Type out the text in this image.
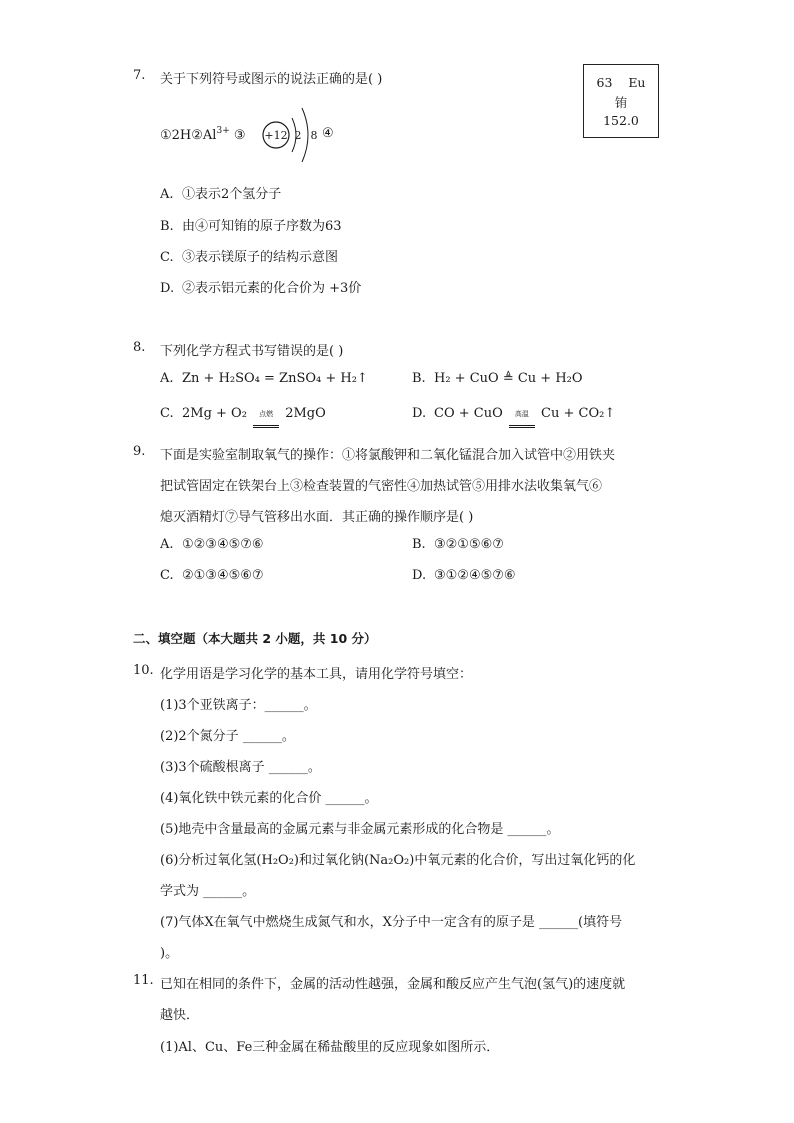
7. 关于下列符号或图示的说法正确的是( )	63 Eu
铕
152.0
$①2H②Al^{3+}$ ③ +12 2 8 ④
A. ①表示2个氢分子
B. 由④可知铕的原子序数为63
C. ③表示镁原子的结构示意图
D. ②表示铝元素的化合价为 +3价
8. 下列化学方程式书写错误的是( )
A. Zn + H₂SO₄ = ZnSO₄ + H₂↑	B. H₂ + CuO ≜ Cu + H₂O
C. 2Mg + O₂	点燃 2MgO	D. CO + CuO	高温 Cu + CO₂↑
9. 下面是实验室制取氧气的操作：①将氯酸钾和二氧化锰混合加入试管中②用铁夹
把试管固定在铁架台上③检查装置的气密性④加热试管⑤用排水法收集氧气⑥
熄灭酒精灯⑦导气管移出水面．其正确的操作顺序是( )
A. ①②③④⑤⑦⑥	B. ③②①⑤⑥⑦
C. ②①③④⑤⑥⑦	D. ③①②④⑤⑦⑥
二、填空题（本大题共 2 小题，共 10 分）
10. 化学用语是学习化学的基本工具，请用化学符号填空：
(1)3个亚铁离子：______。
(2)2个氮分子 ______。
(3)3个硫酸根离子 ______。
(4)氧化铁中铁元素的化合价 ______。
(5)地壳中含量最高的金属元素与非金属元素形成的化合物是 ______。
(6)分析过氧化氢(H₂O₂)和过氧化钠(Na₂O₂)中氧元素的化合价，写出过氧化钙的化
学式为 ______。
(7)气体X在氧气中燃烧生成氮气和水，X分子中一定含有的原子是 ______(填符号
)。
11. 已知在相同的条件下，金属的活动性越强，金属和酸反应产生气泡(氢气)的速度就
越快．
(1)Al、Cu、Fe三种金属在稀盐酸里的反应现象如图所示．
